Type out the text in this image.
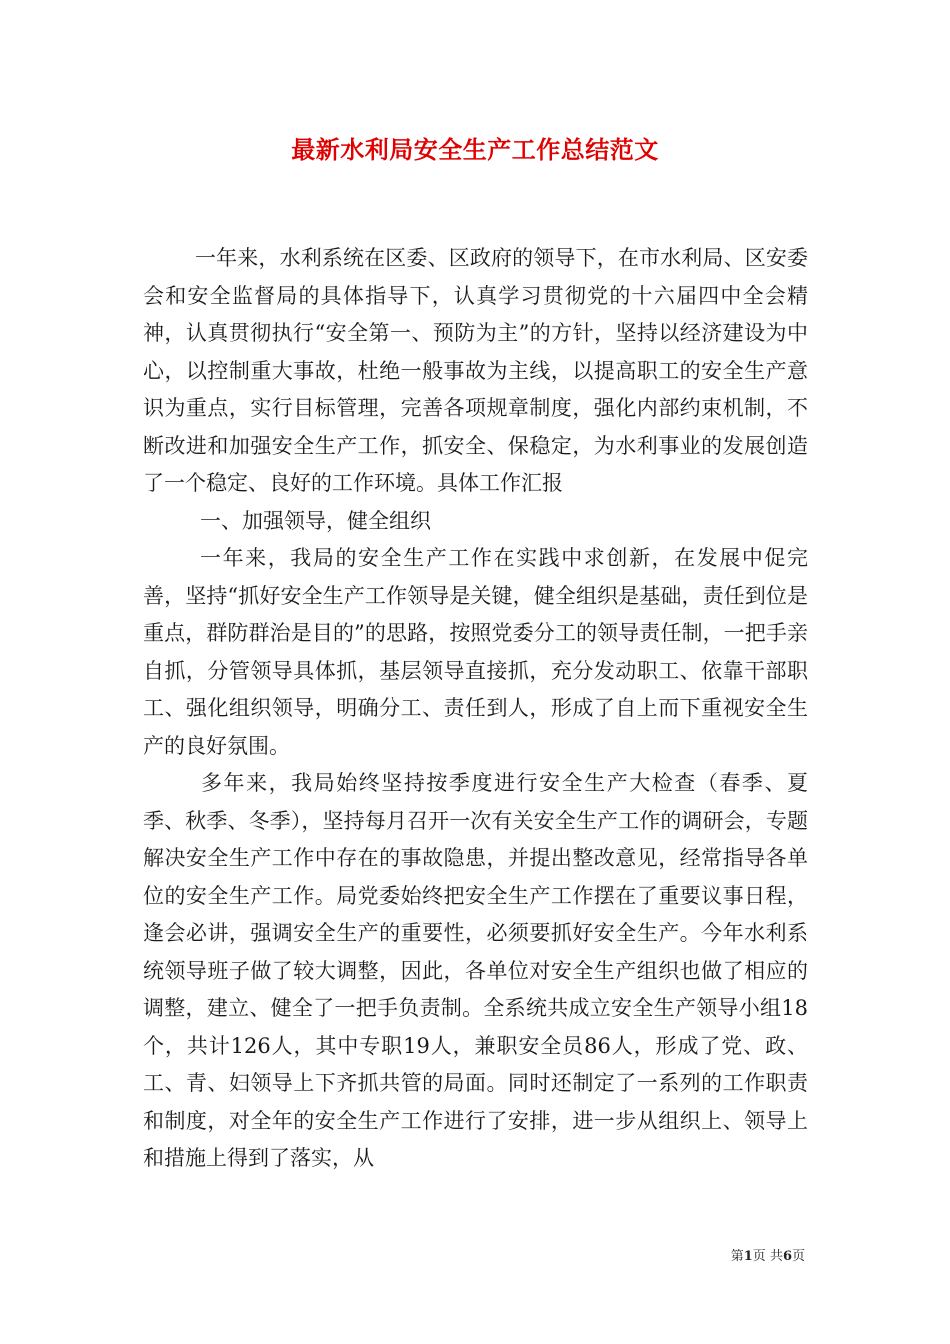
最新水利局安全生产工作总结范文

一年来，水利系统在区委、区政府的领导下，在市水利局、区安委会和安全监督局的具体指导下，认真学习贯彻党的十六届四中全会精神，认真贯彻执行“安全第一、预防为主”的方针，坚持以经济建设为中心，以控制重大事故，杜绝一般事故为主线，以提高职工的安全生产意识为重点，实行目标管理，完善各项规章制度，强化内部约束机制，不断改进和加强安全生产工作，抓安全、保稳定，为水利事业的发展创造了一个稳定、良好的工作环境。具体工作汇报

一、加强领导，健全组织

一年来，我局的安全生产工作在实践中求创新，在发展中促完善，坚持“抓好安全生产工作领导是关键，健全组织是基础，责任到位是重点，群防群治是目的”的思路，按照党委分工的领导责任制，一把手亲自抓，分管领导具体抓，基层领导直接抓，充分发动职工、依靠干部职工、强化组织领导，明确分工、责任到人，形成了自上而下重视安全生产的良好氛围。

多年来，我局始终坚持按季度进行安全生产大检查（春季、夏季、秋季、冬季），坚持每月召开一次有关安全生产工作的调研会，专题解决安全生产工作中存在的事故隐患，并提出整改意见，经常指导各单位的安全生产工作。局党委始终把安全生产工作摆在了重要议事日程，逢会必讲，强调安全生产的重要性，必须要抓好安全生产。今年水利系统领导班子做了较大调整，因此，各单位对安全生产组织也做了相应的调整，建立、健全了一把手负责制。全系统共成立安全生产领导小组18个，共计126人，其中专职19人，兼职安全员86人，形成了党、政、工、青、妇领导上下齐抓共管的局面。同时还制定了一系列的工作职责和制度，对全年的安全生产工作进行了安排，进一步从组织上、领导上和措施上得到了落实，从

第1页 共6页
